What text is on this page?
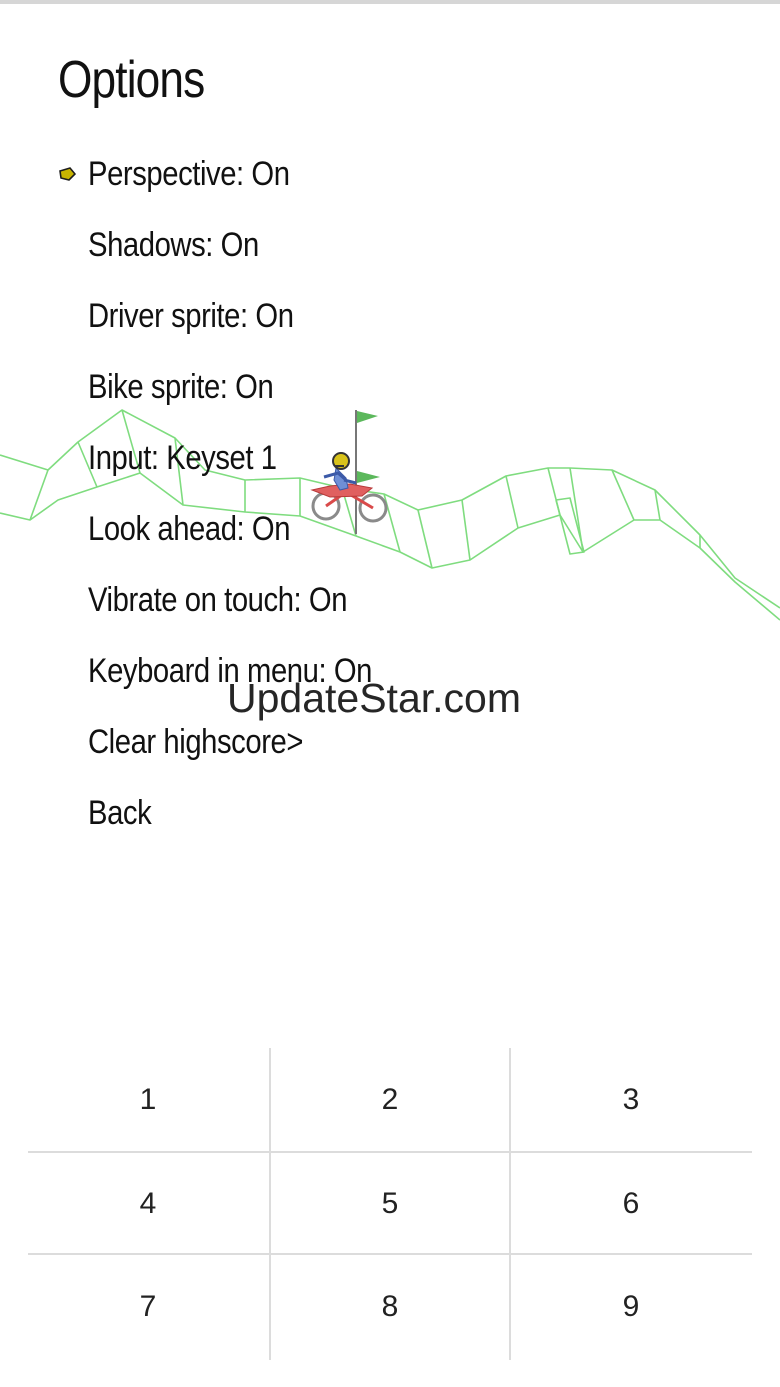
Options
Perspective: On
Shadows: On
Driver sprite: On
Bike sprite: On
Input: Keyset 1
Look ahead: On
Vibrate on touch: On
Keyboard in menu: On
Clear highscore>
Back
UpdateStar.com
1	2	3
4	5	6
7	8	9
